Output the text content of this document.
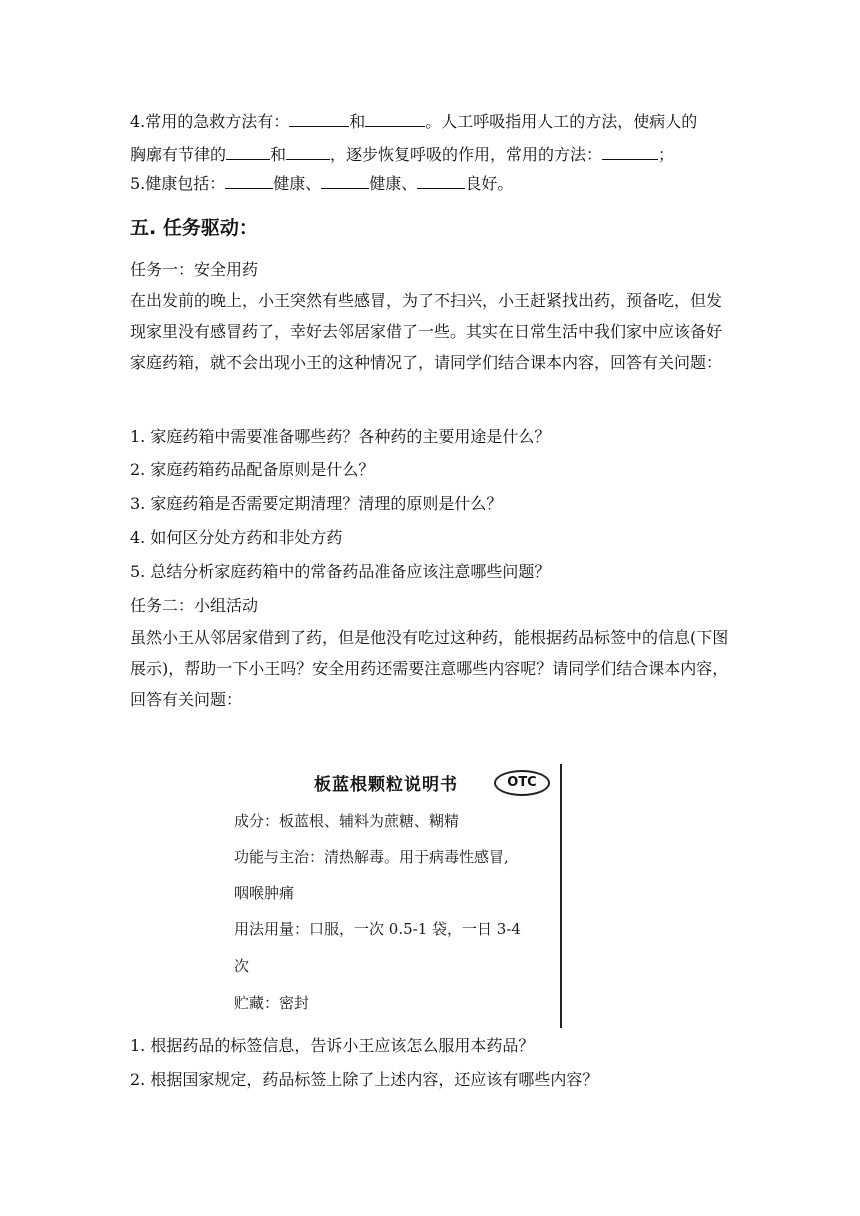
4.常用的急救方法有：	和	。人工呼吸指用人工的方法，使病人的
胸廓有节律的	和	，逐步恢复呼吸的作用，常用的方法：	；
5.健康包括：	健康、	健康、	良好。
五. 任务驱动：

任务一：安全用药

在出发前的晚上，小王突然有些感冒，为了不扫兴，小王赶紧找出药，预备吃，但发现家里没有感冒药了，幸好去邻居家借了一些。其实在日常生活中我们家中应该备好家庭药箱，就不会出现小王的这种情况了，请同学们结合课本内容，回答有关问题：

1. 家庭药箱中需要准备哪些药？各种药的主要用途是什么？

2. 家庭药箱药品配备原则是什么？

3. 家庭药箱是否需要定期清理？清理的原则是什么？

4. 如何区分处方药和非处方药

5. 总结分析家庭药箱中的常备药品准备应该注意哪些问题？

任务二：小组活动

虽然小王从邻居家借到了药，但是他没有吃过这种药，能根据药品标签中的信息(下图展示)，帮助一下小王吗？安全用药还需要注意哪些内容呢？请同学们结合课本内容，回答有关问题：

板蓝根颗粒说明书	OTC
成分：板蓝根、辅料为蔗糖、糊精
功能与主治：清热解毒。用于病毒性感冒,
咽喉肿痛
用法用量：口服，一次 0.5-1 袋，一日 3-4
次
贮藏：密封

1. 根据药品的标签信息，告诉小王应该怎么服用本药品？

2. 根据国家规定，药品标签上除了上述内容，还应该有哪些内容？
